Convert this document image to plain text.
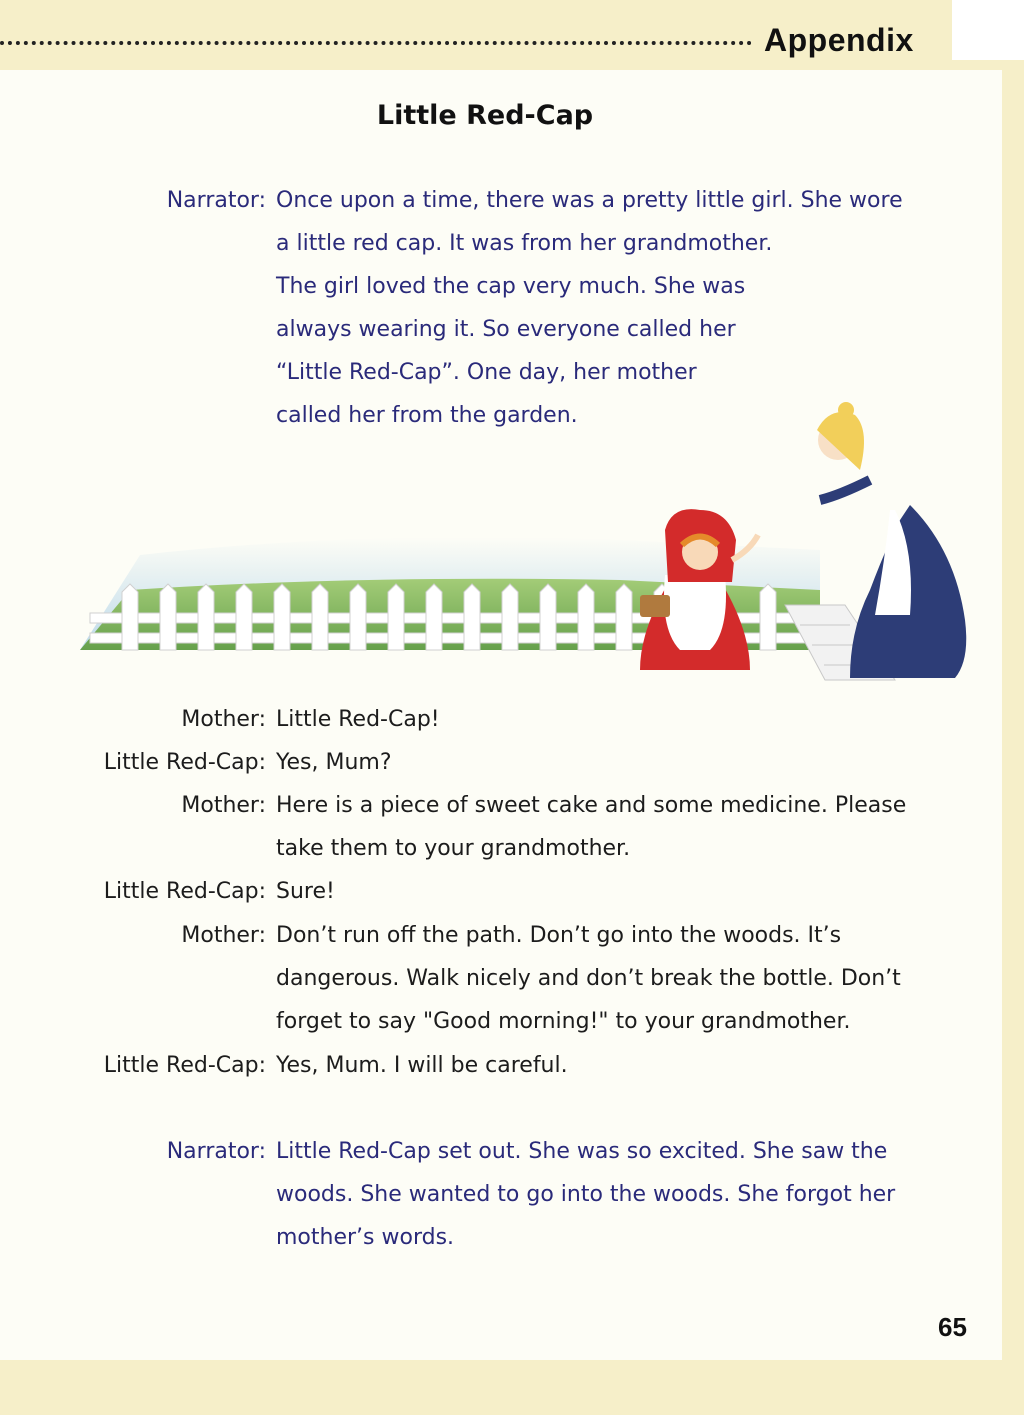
Appendix
Little Red-Cap
Narrator: Once upon a time, there was a pretty little girl. She wore
a little red cap. It was from her grandmother.
The girl loved the cap very much. She was
always wearing it. So everyone called her
“Little Red-Cap”. One day, her mother
called her from the garden.
Mother: Little Red-Cap!
Little Red-Cap: Yes, Mum?
Mother: Here is a piece of sweet cake and some medicine. Please
take them to your grandmother.
Little Red-Cap: Sure!
Mother: Don’t run off the path. Don’t go into the woods. It’s
dangerous. Walk nicely and don’t break the bottle. Don’t
forget to say "Good morning!" to your grandmother.
Little Red-Cap: Yes, Mum. I will be careful.
Narrator: Little Red-Cap set out. She was so excited. She saw the
woods. She wanted to go into the woods. She forgot her
mother’s words.
65
